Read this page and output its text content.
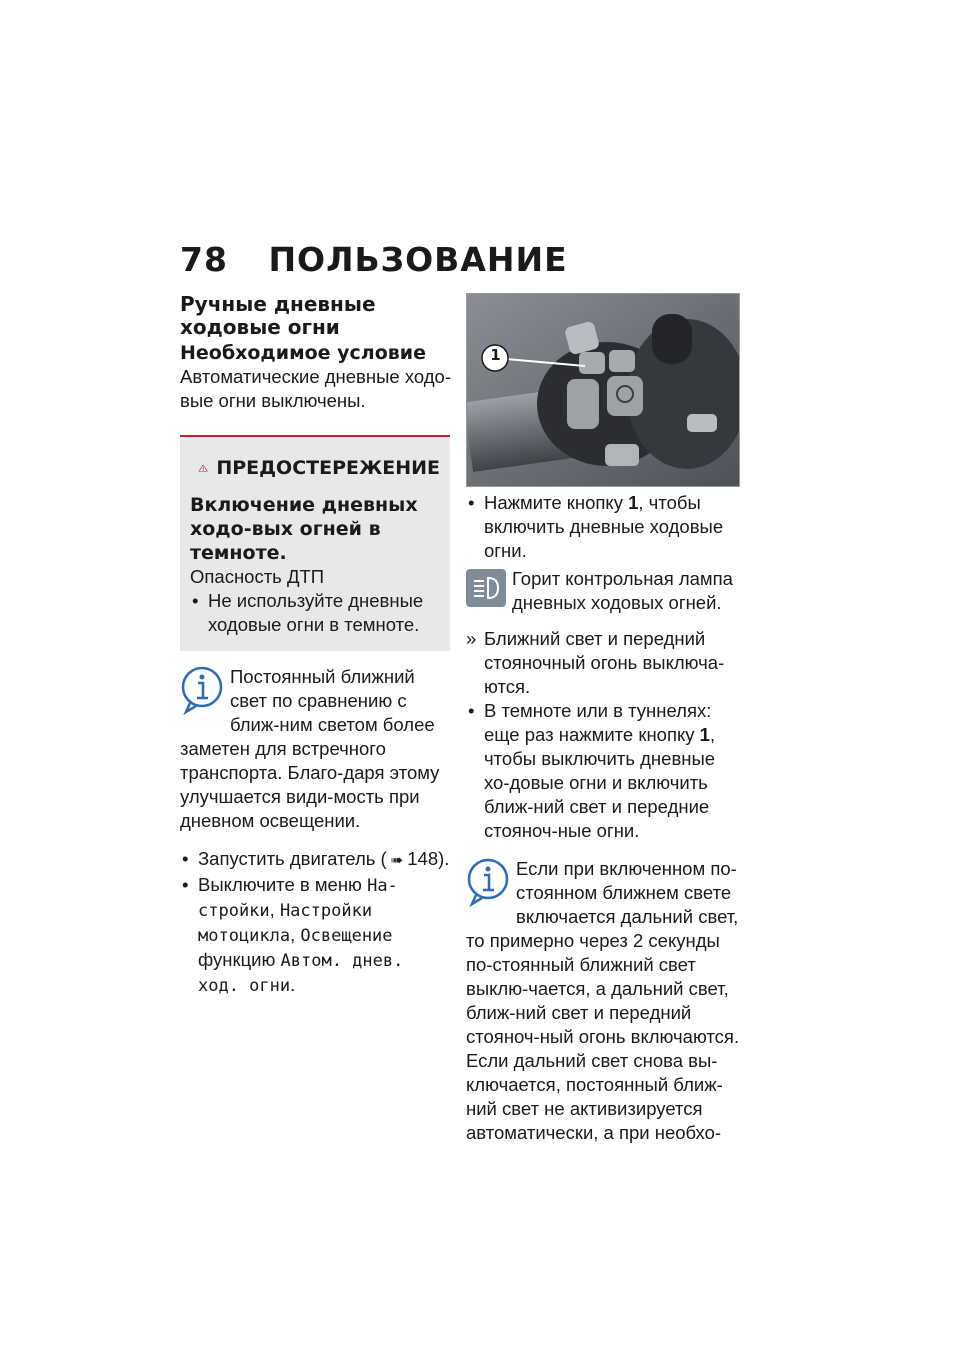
78 ПОЛЬЗОВАНИЕ
Ручные дневные ходовые огни
Необходимое условие

Автоматические дневные ходо-вые огни выключены.

ПРЕДОСТЕРЕЖЕНИЕ
Включение дневных ходо-вых огней в темноте.

Опасность ДТП

• Не используйте дневные ходовые огни в темноте.

Постоянный ближний свет по сравнению с ближ-ним светом более заметен для встречного транспорта. Благо-даря этому улучшается види-мость при дневном освещении.

• Запустить двигатель ( ➠ 148).

• Выключите в меню На-стройки, Настройки мотоцикла, Освещение функцию Автом. днев. ход. огни.

1

• Нажмите кнопку 1, чтобы включить дневные ходовые огни.

Горит контрольная лампа дневных ходовых огней.

» Ближний свет и передний стояночный огонь выключа-ются.

• В темноте или в туннелях: еще раз нажмите кнопку 1, чтобы выключить дневные хо-довые огни и включить ближ-ний свет и передние стояноч-ные огни.

Если при включенном по-стоянном ближнем свете включается дальний свет, то примерно через 2 секунды по-стоянный ближний свет выклю-чается, а дальний свет, ближ-ний свет и передний стояноч-ный огонь включаются. Если дальний свет снова вы-ключается, постоянный ближ-ний свет не активизируется автоматически, а при необхо-
